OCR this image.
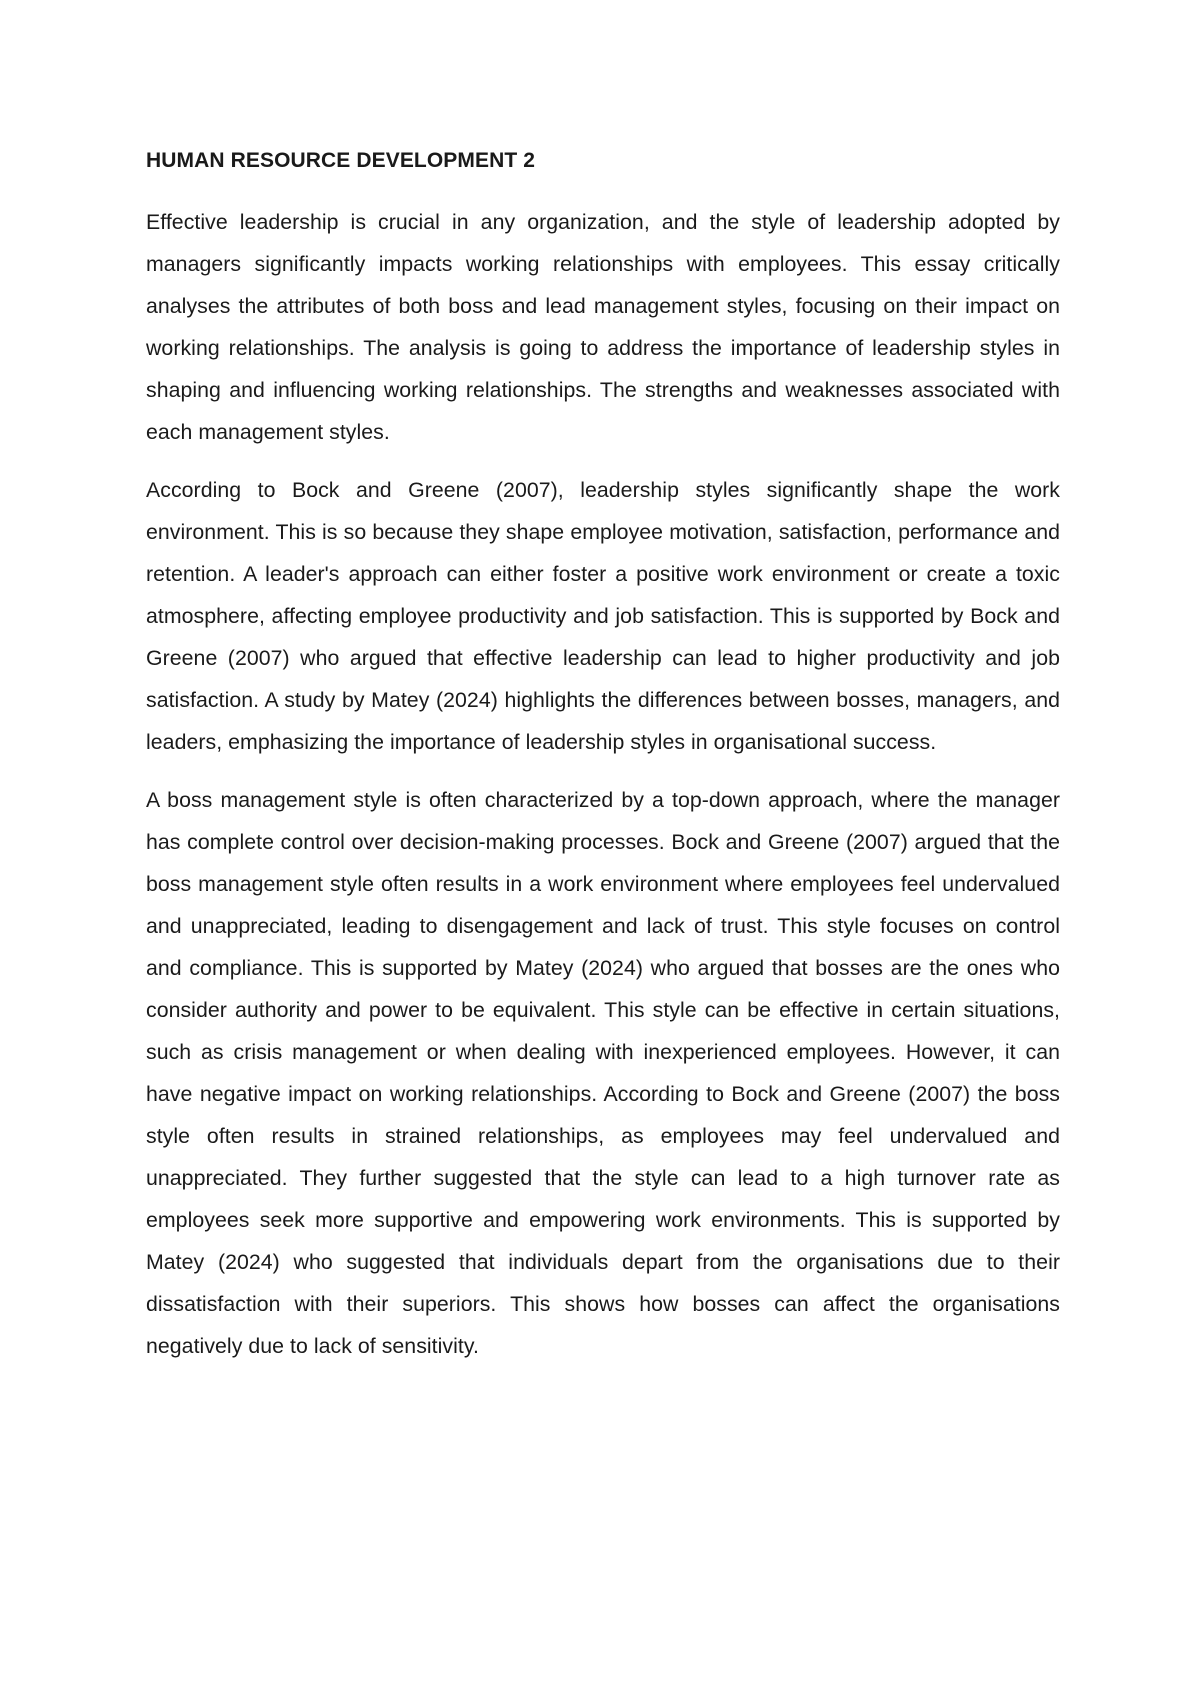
HUMAN RESOURCE DEVELOPMENT 2

Effective leadership is crucial in any organization, and the style of leadership adopted by managers significantly impacts working relationships with employees. This essay critically analyses the attributes of both boss and lead management styles, focusing on their impact on working relationships. The analysis is going to address the importance of leadership styles in shaping and influencing working relationships. The strengths and weaknesses associated with each management styles.

According to Bock and Greene (2007), leadership styles significantly shape the work environment. This is so because they shape employee motivation, satisfaction, performance and retention. A leader's approach can either foster a positive work environment or create a toxic atmosphere, affecting employee productivity and job satisfaction. This is supported by Bock and Greene (2007) who argued that effective leadership can lead to higher productivity and job satisfaction. A study by Matey (2024) highlights the differences between bosses, managers, and leaders, emphasizing the importance of leadership styles in organisational success.

A boss management style is often characterized by a top-down approach, where the manager has complete control over decision-making processes. Bock and Greene (2007) argued that the boss management style often results in a work environment where employees feel undervalued and unappreciated, leading to disengagement and lack of trust. This style focuses on control and compliance. This is supported by Matey (2024) who argued that bosses are the ones who consider authority and power to be equivalent. This style can be effective in certain situations, such as crisis management or when dealing with inexperienced employees. However, it can have negative impact on working relationships. According to Bock and Greene (2007) the boss style often results in strained relationships, as employees may feel undervalued and unappreciated. They further suggested that the style can lead to a high turnover rate as employees seek more supportive and empowering work environments. This is supported by Matey (2024) who suggested that individuals depart from the organisations due to their dissatisfaction with their superiors. This shows how bosses can affect the organisations negatively due to lack of sensitivity.
